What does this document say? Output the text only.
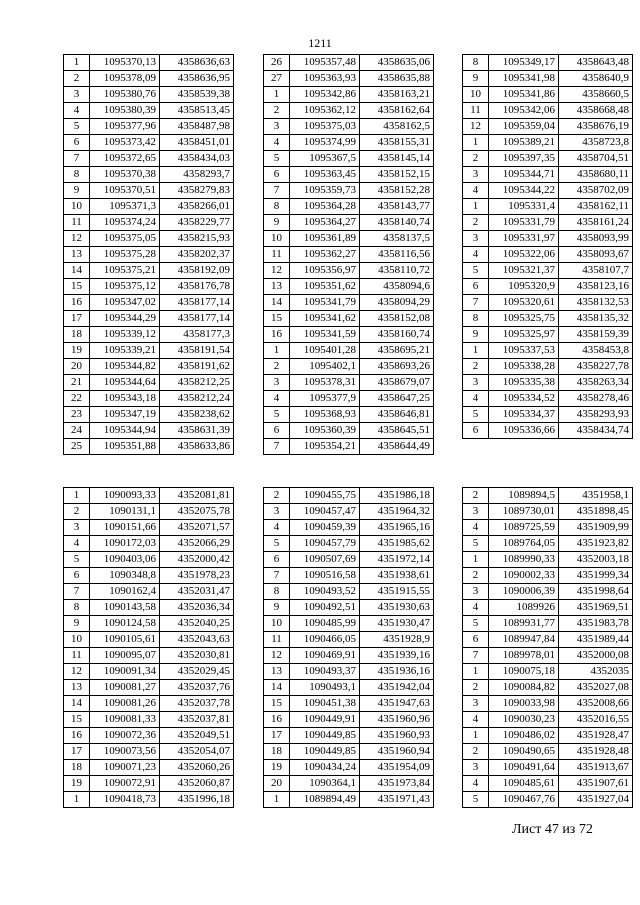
1211
1	1095370,13	4358636,63
2	1095378,09	4358636,95
3	1095380,76	4358539,38
4	1095380,39	4358513,45
5	1095377,96	4358487,98
6	1095373,42	4358451,01
7	1095372,65	4358434,03
8	1095370,38	4358293,7
9	1095370,51	4358279,83
10	1095371,3	4358266,01
11	1095374,24	4358229,77
12	1095375,05	4358215,93
13	1095375,28	4358202,37
14	1095375,21	4358192,09
15	1095375,12	4358176,78
16	1095347,02	4358177,14
17	1095344,29	4358177,14
18	1095339,12	4358177,3
19	1095339,21	4358191,54
20	1095344,82	4358191,62
21	1095344,64	4358212,25
22	1095343,18	4358212,24
23	1095347,19	4358238,62
24	1095344,94	4358631,39
25	1095351,88	4358633,86
26	1095357,48	4358635,06
27	1095363,93	4358635,88
1	1095342,86	4358163,21
2	1095362,12	4358162,64
3	1095375,03	4358162,5
4	1095374,99	4358155,31
5	1095367,5	4358145,14
6	1095363,45	4358152,15
7	1095359,73	4358152,28
8	1095364,28	4358143,77
9	1095364,27	4358140,74
10	1095361,89	4358137,5
11	1095362,27	4358116,56
12	1095356,97	4358110,72
13	1095351,62	4358094,6
14	1095341,79	4358094,29
15	1095341,62	4358152,08
16	1095341,59	4358160,74
1	1095401,28	4358695,21
2	1095402,1	4358693,26
3	1095378,31	4358679,07
4	1095377,9	4358647,25
5	1095368,93	4358646,81
6	1095360,39	4358645,51
7	1095354,21	4358644,49
8	1095349,17	4358643,48
9	1095341,98	4358640,9
10	1095341,86	4358660,5
11	1095342,06	4358668,48
12	1095359,04	4358676,19
1	1095389,21	4358723,8
2	1095397,35	4358704,51
3	1095344,71	4358680,11
4	1095344,22	4358702,09
1	1095331,4	4358162,11
2	1095331,79	4358161,24
3	1095331,97	4358093,99
4	1095322,06	4358093,67
5	1095321,37	4358107,7
6	1095320,9	4358123,16
7	1095320,61	4358132,53
8	1095325,75	4358135,32
9	1095325,97	4358159,39
1	1095337,53	4358453,8
2	1095338,28	4358227,78
3	1095335,38	4358263,34
4	1095334,52	4358278,46
5	1095334,37	4358293,93
6	1095336,66	4358434,74
1	1090093,33	4352081,81
2	1090131,1	4352075,78
3	1090151,66	4352071,57
4	1090172,03	4352066,29
5	1090403,06	4352000,42
6	1090348,8	4351978,23
7	1090162,4	4352031,47
8	1090143,58	4352036,34
9	1090124,58	4352040,25
10	1090105,61	4352043,63
11	1090095,07	4352030,81
12	1090091,34	4352029,45
13	1090081,27	4352037,76
14	1090081,26	4352037,78
15	1090081,33	4352037,81
16	1090072,36	4352049,51
17	1090073,56	4352054,07
18	1090071,23	4352060,26
19	1090072,91	4352060,87
1	1090418,73	4351996,18
2	1090455,75	4351986,18
3	1090457,47	4351964,32
4	1090459,39	4351965,16
5	1090457,79	4351985,62
6	1090507,69	4351972,14
7	1090516,58	4351938,61
8	1090493,52	4351915,55
9	1090492,51	4351930,63
10	1090485,99	4351930,47
11	1090466,05	4351928,9
12	1090469,91	4351939,16
13	1090493,37	4351936,16
14	1090493,1	4351942,04
15	1090451,38	4351947,63
16	1090449,91	4351960,96
17	1090449,85	4351960,93
18	1090449,85	4351960,94
19	1090434,24	4351954,09
20	1090364,1	4351973,84
1	1089894,49	4351971,43
2	1089894,5	4351958,1
3	1089730,01	4351898,45
4	1089725,59	4351909,99
5	1089764,05	4351923,82
1	1089990,33	4352003,18
2	1090002,33	4351999,34
3	1090006,39	4351998,64
4	1089926	4351969,51
5	1089931,77	4351983,78
6	1089947,84	4351989,44
7	1089978,01	4352000,08
1	1090075,18	4352035
2	1090084,82	4352027,08
3	1090033,98	4352008,66
4	1090030,23	4352016,55
1	1090486,02	4351928,47
2	1090490,65	4351928,48
3	1090491,64	4351913,67
4	1090485,61	4351907,61
5	1090467,76	4351927,04
Лист 47 из 72
